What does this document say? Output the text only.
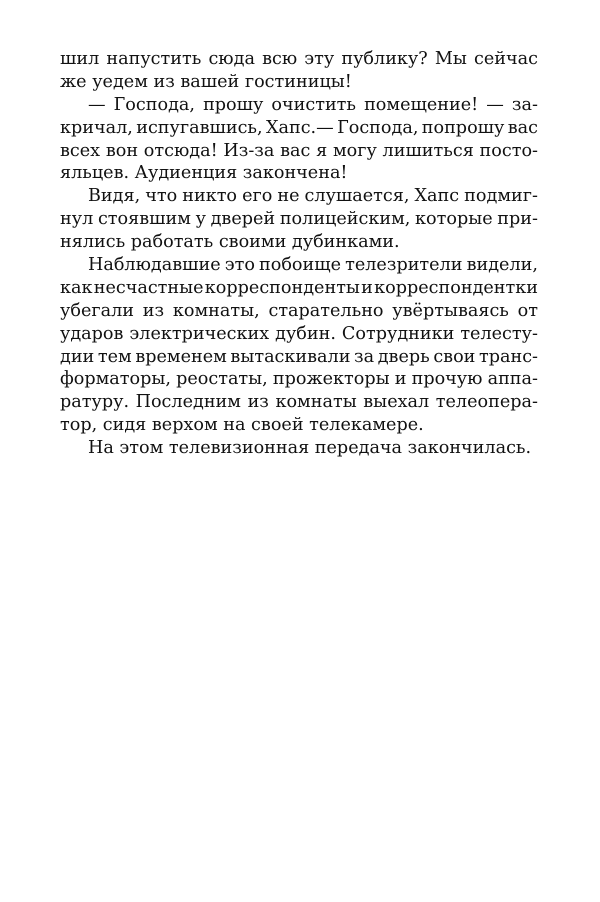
шил напустить сюда всю эту публику? Мы сейчас
же уедем из вашей гостиницы!
— Господа, прошу очистить помещение! — за-
кричал, испугавшись, Хапс.— Господа, попрошу вас
всех вон отсюда! Из-за вас я могу лишиться посто-
яльцев. Аудиенция закончена!
Видя, что никто его не слушается, Хапс подмиг-
нул стоявшим у дверей полицейским, которые при-
нялись работать своими дубинками.
Наблюдавшие это побоище телезрители видели,
как несчастные корреспонденты и корреспондентки
убегали из комнаты, старательно увёртываясь от
ударов электрических дубин. Сотрудники телесту-
дии тем временем вытаскивали за дверь свои транс-
форматоры, реостаты, прожекторы и прочую аппа-
ратуру. Последним из комнаты выехал телеопера-
тор, сидя верхом на своей телекамере.
На этом телевизионная передача закончилась.
